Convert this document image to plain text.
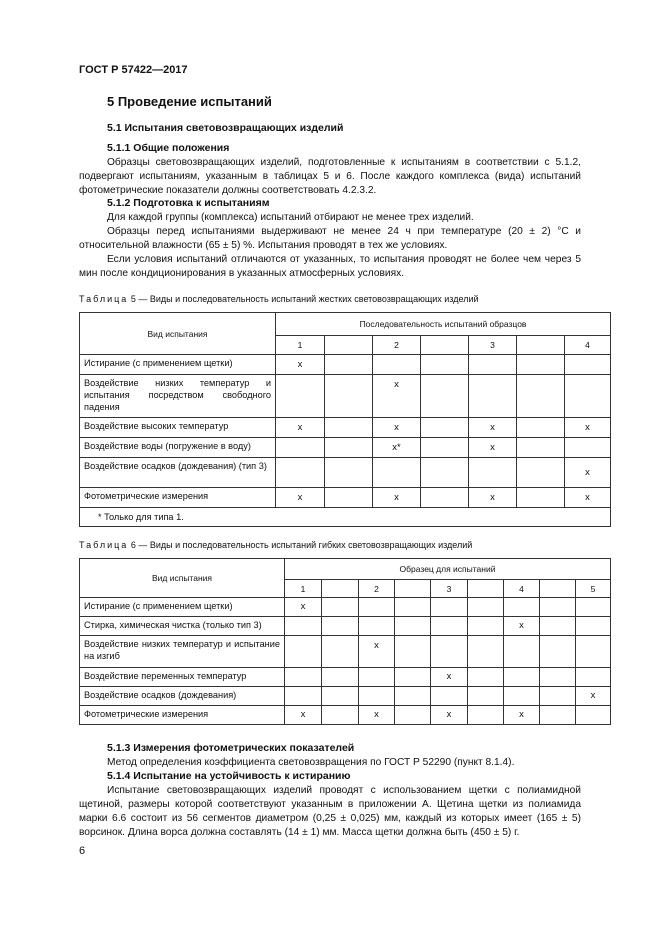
ГОСТ Р 57422—2017
5 Проведение испытаний
5.1 Испытания световозвращающих изделий
5.1.1 Общие положения
Образцы световозвращающих изделий, подготовленные к испытаниям в соответствии с 5.1.2, подвергают испытаниям, указанным в таблицах 5 и 6. После каждого комплекса (вида) испытаний фотометрические показатели должны соответствовать 4.2.3.2.
5.1.2 Подготовка к испытаниям
Для каждой группы (комплекса) испытаний отбирают не менее трех изделий.
Образцы перед испытаниями выдерживают не менее 24 ч при температуре (20 ± 2) °С и относительной влажности (65 ± 5) %. Испытания проводят в тех же условиях.
Если условия испытаний отличаются от указанных, то испытания проводят не более чем через 5 мин после кондиционирования в указанных атмосферных условиях.
Таблица 5 — Виды и последовательность испытаний жестких световозвращающих изделий
Вид испытания	Последовательность испытаний образцов						
	1		2		3		4
Истирание (с применением щетки)	x						
Воздействие низких температур и испытания посредством свободного падения			x				
Воздействие высоких температур	x		x		x		x
Воздействие воды (погружение в воду)			x*		x		
Воздействие осадков (дождевания) (тип 3)							x
Фотометрические измерения	x		x		x		x
* Только для типа 1.							
Таблица 6 — Виды и последовательность испытаний гибких световозвращающих изделий
Вид испытания	Образец для испытаний								
	1		2		3		4		5
Истирание (с применением щетки)	x								
Стирка, химическая чистка (только тип 3)							x		
Воздействие низких температур и испытание на изгиб			x						
Воздействие переменных температур					x				
Воздействие осадков (дождевания)									x
Фотометрические измерения	x		x		x		x		
5.1.3 Измерения фотометрических показателей
Метод определения коэффициента световозвращения по ГОСТ Р 52290 (пункт 8.1.4).
5.1.4 Испытание на устойчивость к истиранию
Испытание световозвращающих изделий проводят с использованием щетки с полиамидной щетиной, размеры которой соответствуют указанным в приложении А. Щетина щетки из полиамида марки 6.6 состоит из 56 сегментов диаметром (0,25 ± 0,025) мм, каждый из которых имеет (165 ± 5) ворсинок. Длина ворса должна составлять (14 ± 1) мм. Масса щетки должна быть (450 ± 5) г.
6
